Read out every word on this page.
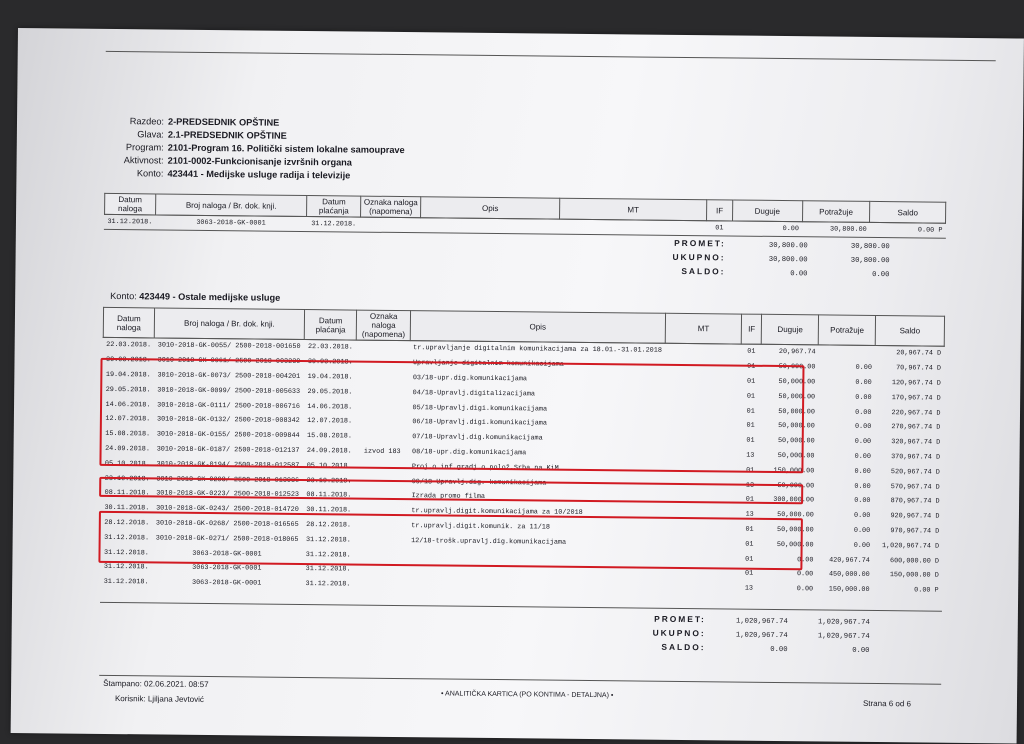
Razdeo: 2-PREDSEDNIK OPŠTINE
Glava: 2.1-PREDSEDNIK OPŠTINE
Program: 2101-Program 16. Politički sistem lokalne samouprave
Aktivnost: 2101-0002-Funkcionisanje izvršnih organa
Konto: 423441 - Medijske usluge radija i televizije
Datum naloga	Broj naloga / Br. dok. knji.	Datum plaćanja	Oznaka naloga (napomena)	Opis	MT	IF	Duguje	Potražuje	Saldo
31.12.2018.	3063-2018-GK-0001	31.12.2018.				01	0.00	30,800.00	0.00 P
PROMET:	30,800.00	30,800.00
UKUPNO:	30,800.00	30,800.00
SALDO:	0.00	0.00
Konto: 423449 - Ostale medijske usluge
Datum naloga	Broj naloga / Br. dok. knji.	Datum plaćanja	Oznaka naloga (napomena)	Opis	MT	IF	Duguje	Potražuje	Saldo
22.03.2018.	3010-2018-GK-0055/ 2500-2018-001650	22.03.2018.		tr.upravljanje digitalnim komunikacijama za 18.01.-31.01.2018		01	20,967.74		20,967.74 D
30.03.2018.	3010-2018-GK-0061/ 2500-2018-003230	30.03.2018.		Upravljanje digitalnim komunikacijama		01	50,000.00	0.00	70,967.74 D
19.04.2018.	3010-2018-GK-0073/ 2500-2018-004201	19.04.2018.		03/18-upr.dig.komunikacijama		01	50,000.00	0.00	120,967.74 D
29.05.2018.	3010-2018-GK-0099/ 2500-2018-005633	29.05.2018.		04/18-Upravlj.digitalizacijama		01	50,000.00	0.00	170,967.74 D
14.06.2018.	3010-2018-GK-0111/ 2500-2018-006716	14.06.2018.		05/18-Upravlj.digi.komunikacijama		01	50,000.00	0.00	220,967.74 D
12.07.2018.	3010-2018-GK-0132/ 2500-2018-008342	12.07.2018.		06/18-Upravlj.digi.komunikacijama		01	50,000.00	0.00	270,967.74 D
15.08.2018.	3010-2018-GK-0155/ 2500-2018-009844	15.08.2018.		07/18-Upravlj.dig.komunikacijama		01	50,000.00	0.00	320,967.74 D
24.09.2018.	3010-2018-GK-0187/ 2500-2018-012137	24.09.2018.	izvod 183	08/18-upr.dig.komunikacijama		13	50,000.00	0.00	370,967.74 D
05.10.2018.	3010-2018-GK-0194/ 2500-2018-012587	05.10.2018.		Proj.o inf.gradj.o polož.Srba na KiM		01	150,000.00	0.00	520,967.74 D
23.10.2018.	3010-2018-GK-0208/ 2500-2018-013086	23.10.2018.		09/18-Upravlj.dig. komunikacijama		13	50,000.00	0.00	570,967.74 D
08.11.2018.	3010-2018-GK-0223/ 2500-2018-012523	08.11.2018.		Izrada promo filma		01	300,000.00	0.00	870,967.74 D
30.11.2018.	3010-2018-GK-0243/ 2500-2018-014720	30.11.2018.		tr.upravlj.digit.komunikacijama za 10/2018		13	50,000.00	0.00	920,967.74 D
28.12.2018.	3010-2018-GK-0268/ 2500-2018-016565	28.12.2018.		tr.upravlj.digit.komunik. za 11/18		01	50,000.00	0.00	970,967.74 D
31.12.2018.	3010-2018-GK-0271/ 2500-2018-018065	31.12.2018.		12/18-trošk.upravlj.dig.komunikacijama		01	50,000.00	0.00	1,020,967.74 D
31.12.2018.	3063-2018-GK-0001	31.12.2018.				01	0.00	420,967.74	600,000.00 D
31.12.2018.	3063-2018-GK-0001	31.12.2018.				01	0.00	450,000.00	150,000.00 D
31.12.2018.	3063-2018-GK-0001	31.12.2018.				13	0.00	150,000.00	0.00 P
PROMET:	1,020,967.74	1,020,967.74
UKUPNO:	1,020,967.74	1,020,967.74
SALDO:	0.00	0.00
Štampano: 02.06.2021. 08:57
Korisnik: Ljiljana Jevtović	• ANALITIČKA KARTICA (PO KONTIMA - DETALJNA) •
Strana 6 od 6
